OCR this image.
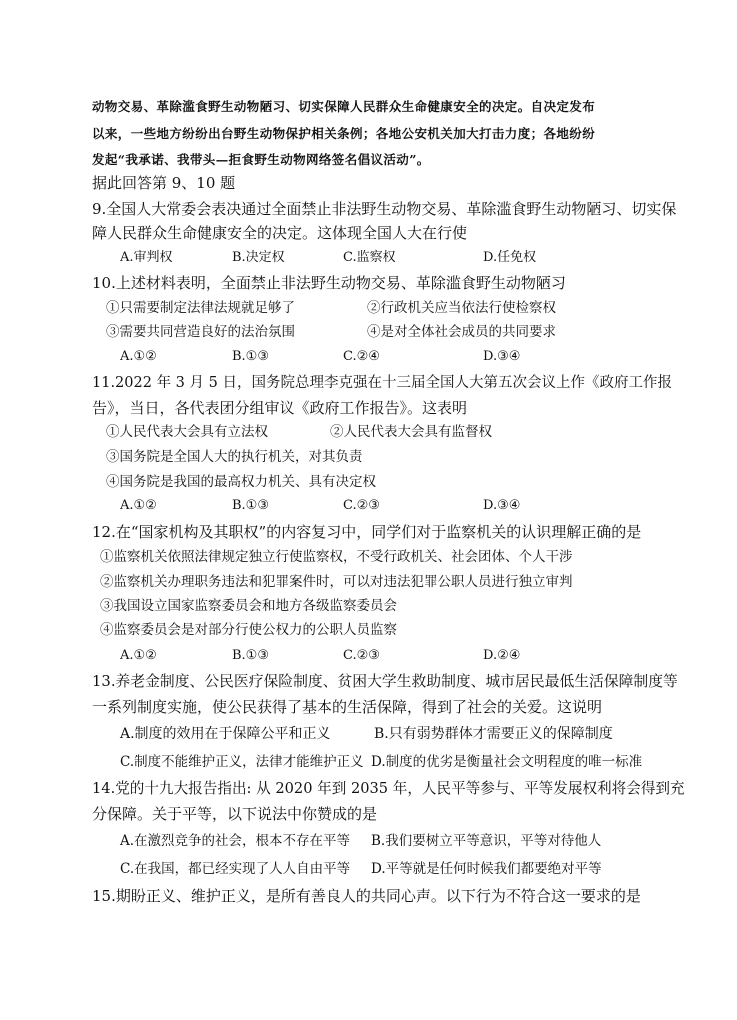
动物交易、革除滥食野生动物陋习、切实保障人民群众生命健康安全的决定。自决定发布
以来，一些地方纷纷出台野生动物保护相关条例；各地公安机关加大打击力度；各地纷纷
发起“我承诺、我带头—拒食野生动物网络签名倡议活动”。
据此回答第 9、10 题
9.全国人大常委会表决通过全面禁止非法野生动物交易、革除滥食野生动物陋习、切实保
障人民群众生命健康安全的决定。这体现全国人大在行使
A.审判权	B.决定权	C.监察权	D.任免权
10.上述材料表明，全面禁止非法野生动物交易、革除滥食野生动物陋习
①只需要制定法律法规就足够了	②行政机关应当依法行使检察权
③需要共同营造良好的法治氛围	④是对全体社会成员的共同要求
A.①②	B.①③	C.②④	D.③④
11.2022 年 3 月 5 日，国务院总理李克强在十三届全国人大第五次会议上作《政府工作报
告》，当日，各代表团分组审议《政府工作报告》。这表明
①人民代表大会具有立法权	②人民代表大会具有监督权
③国务院是全国人大的执行机关，对其负责
④国务院是我国的最高权力机关、具有决定权
A.①②	B.①③	C.②③	D.③④
12.在“国家机构及其职权”的内容复习中，同学们对于监察机关的认识理解正确的是
①监察机关依照法律规定独立行使监察权，不受行政机关、社会团体、个人干涉
②监察机关办理职务违法和犯罪案件时，可以对违法犯罪公职人员进行独立审判
③我国设立国家监察委员会和地方各级监察委员会
④监察委员会是对部分行使公权力的公职人员监察
A.①②	B.①③	C.②③	D.②④
13.养老金制度、公民医疗保险制度、贫困大学生救助制度、城市居民最低生活保障制度等
一系列制度实施，使公民获得了基本的生活保障，得到了社会的关爱。这说明
A.制度的效用在于保障公平和正义	B.只有弱势群体才需要正义的保障制度
C.制度不能维护正义，法律才能维护正义 D.制度的优劣是衡量社会文明程度的唯一标准
14.党的十九大报告指出: 从 2020 年到 2035 年，人民平等参与、平等发展权利将会得到充
分保障。关于平等，以下说法中你赞成的是
A.在激烈竞争的社会，根本不存在平等 B.我们要树立平等意识，平等对待他人
C.在我国，都已经实现了人人自由平等 D.平等就是任何时候我们都要绝对平等
15.期盼正义、维护正义，是所有善良人的共同心声。以下行为不符合这一要求的是
